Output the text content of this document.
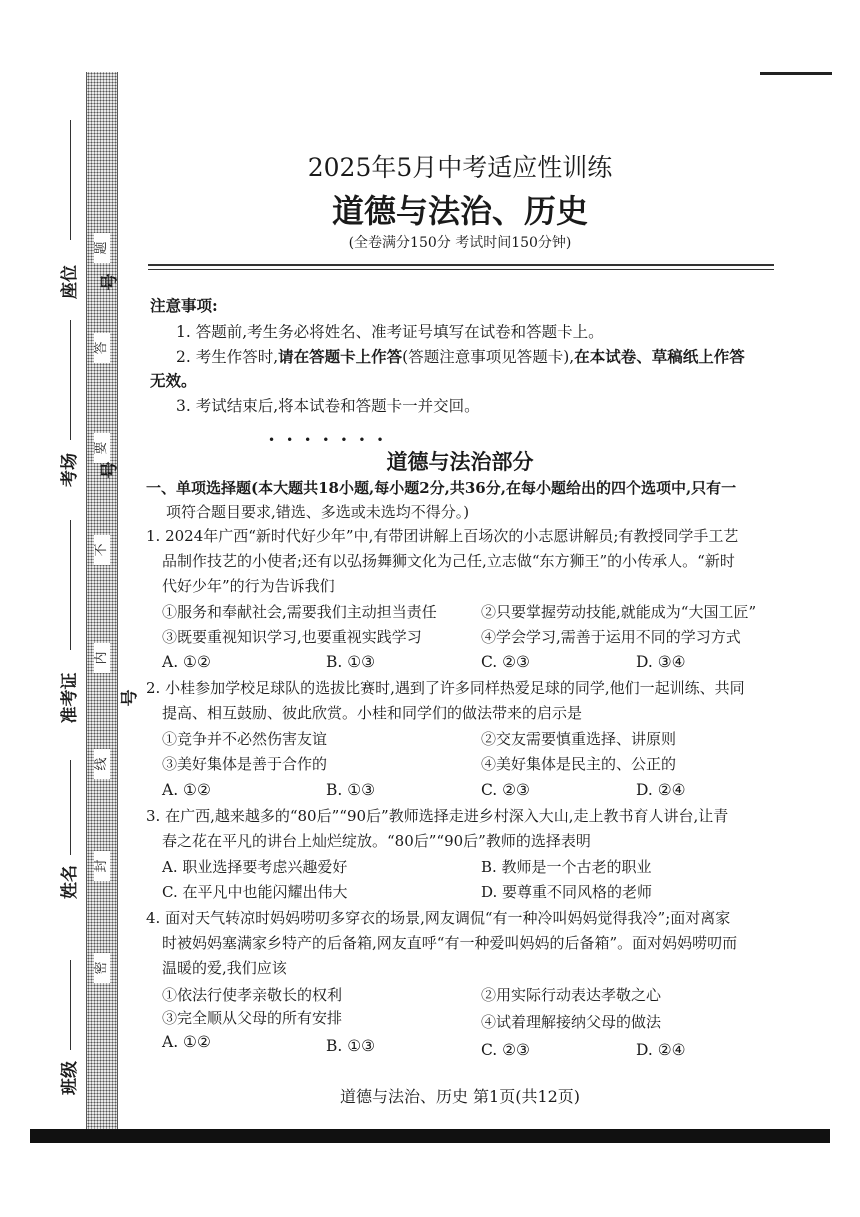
题
答
要
不
内
线
封
密
座位号
考场号
准考证号
姓名
班级
2025年5月中考适应性训练
道德与法治、历史
(全卷满分150分 考试时间150分钟)
注意事项:
1. 答题前,考生务必将姓名、准考证号填写在试卷和答题卡上。
2. 考生作答时,请在答题卡上作答(答题注意事项见答题卡),在本试卷、草稿纸上作答
无效。
3. 考试结束后,将本试卷和答题卡一并交回。
•••••••
道德与法治部分
一、单项选择题(本大题共18小题,每小题2分,共36分,在每小题给出的四个选项中,只有一
项符合题目要求,错选、多选或未选均不得分。)
1. 2024年广西“新时代好少年”中,有带团讲解上百场次的小志愿讲解员;有教授同学手工艺
品制作技艺的小使者;还有以弘扬舞狮文化为己任,立志做“东方狮王”的小传承人。“新时
代好少年”的行为告诉我们
①服务和奉献社会,需要我们主动担当责任	②只要掌握劳动技能,就能成为“大国工匠”
③既要重视知识学习,也要重视实践学习	④学会学习,需善于运用不同的学习方式
A. ①②	B. ①③	C. ②③	D. ③④
2. 小桂参加学校足球队的选拔比赛时,遇到了许多同样热爱足球的同学,他们一起训练、共同
提高、相互鼓励、彼此欣赏。小桂和同学们的做法带来的启示是
①竞争并不必然伤害友谊	②交友需要慎重选择、讲原则
③美好集体是善于合作的	④美好集体是民主的、公正的
A. ①②	B. ①③	C. ②③	D. ②④
3. 在广西,越来越多的“80后”“90后”教师选择走进乡村深入大山,走上教书育人讲台,让青
春之花在平凡的讲台上灿烂绽放。“80后”“90后”教师的选择表明
A. 职业选择要考虑兴趣爱好	B. 教师是一个古老的职业
C. 在平凡中也能闪耀出伟大	D. 要尊重不同风格的老师
4. 面对天气转凉时妈妈唠叨多穿衣的场景,网友调侃“有一种冷叫妈妈觉得我冷”;面对离家
时被妈妈塞满家乡特产的后备箱,网友直呼“有一种爱叫妈妈的后备箱”。面对妈妈唠叨而
温暖的爱,我们应该
①依法行使孝亲敬长的权利	②用实际行动表达孝敬之心
③完全顺从父母的所有安排	④试着理解接纳父母的做法
A. ①②	B. ①③	C. ②③	D. ②④
道德与法治、历史 第1页(共12页)
